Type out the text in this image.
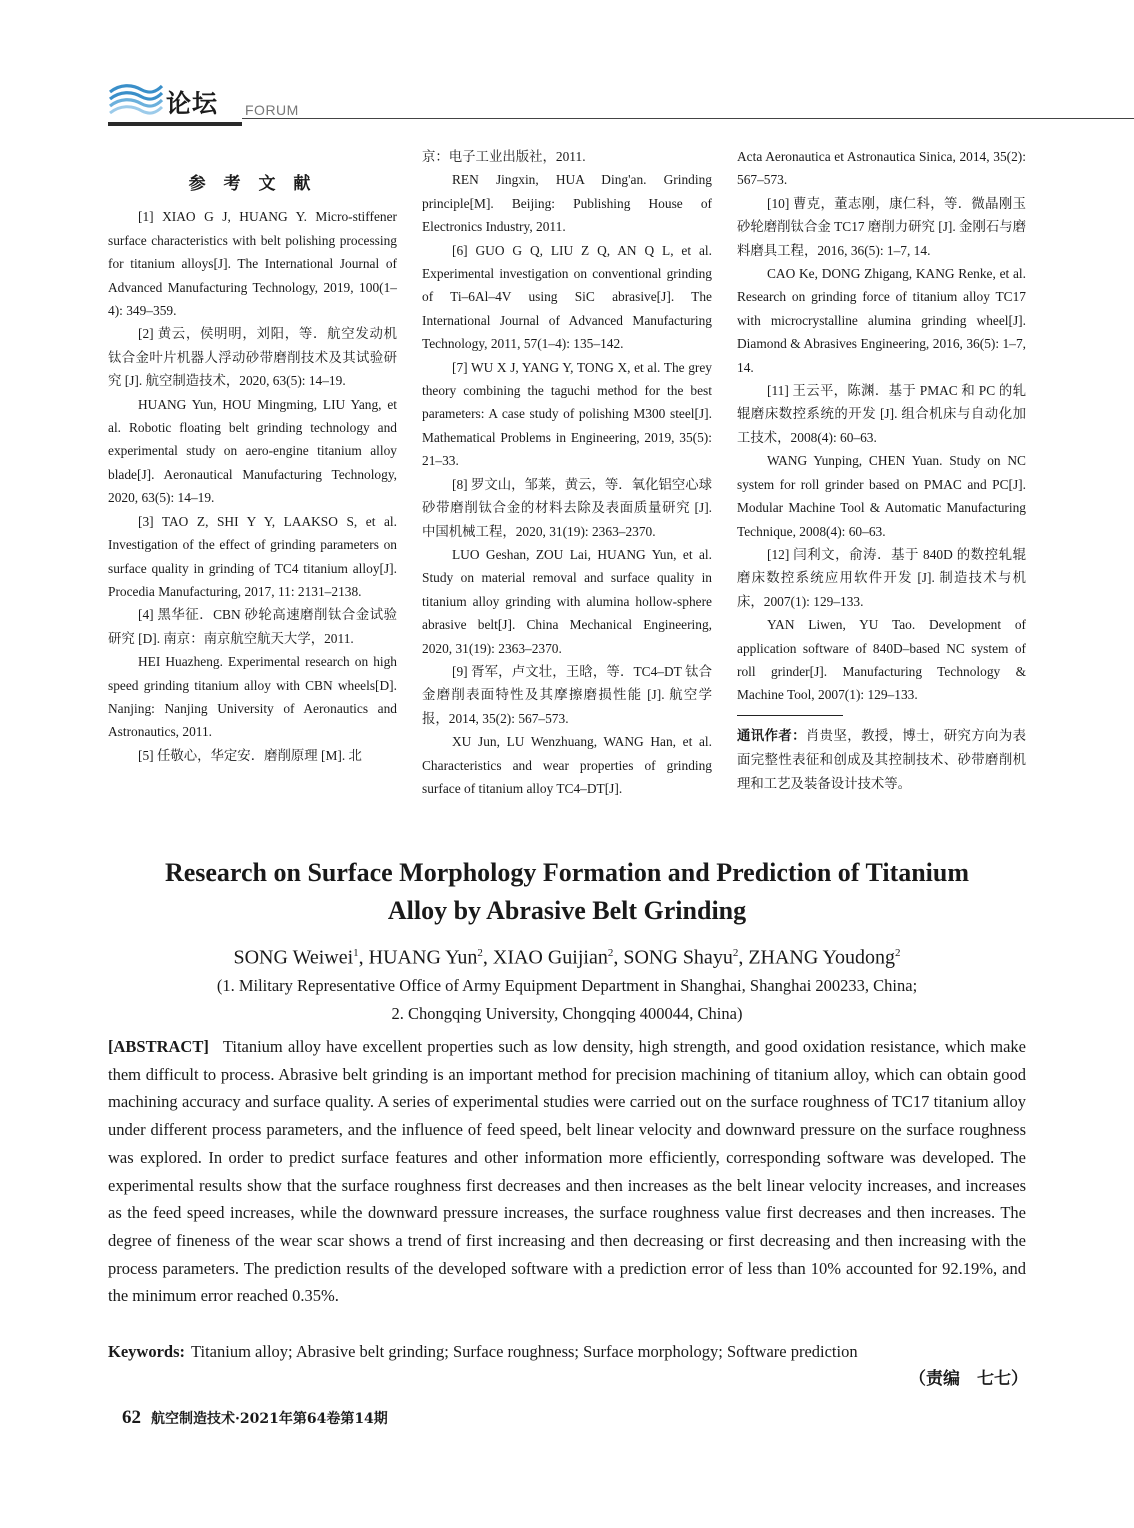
论坛 FORUM

参 考 文 献

[1] XIAO G J, HUANG Y. Micro-stiffener surface characteristics with belt polishing processing for titanium alloys[J]. The International Journal of Advanced Manufacturing Technology, 2019, 100(1–4): 349–359.

[2] 黄云，侯明明，刘阳，等．航空发动机钛合金叶片机器人浮动砂带磨削技术及其试验研究 [J]. 航空制造技术，2020, 63(5): 14–19.

HUANG Yun, HOU Mingming, LIU Yang, et al. Robotic floating belt grinding technology and experimental study on aero-engine titanium alloy blade[J]. Aeronautical Manufacturing Technology, 2020, 63(5): 14–19.

[3] TAO Z, SHI Y Y, LAAKSO S, et al. Investigation of the effect of grinding parameters on surface quality in grinding of TC4 titanium alloy[J]. Procedia Manufacturing, 2017, 11: 2131–2138.

[4] 黑华征．CBN 砂轮高速磨削钛合金试验研究 [D]. 南京：南京航空航天大学，2011.

HEI Huazheng. Experimental research on high speed grinding titanium alloy with CBN wheels[D]. Nanjing: Nanjing University of Aeronautics and Astronautics, 2011.

[5] 任敬心，华定安．磨削原理 [M]. 北

京：电子工业出版社，2011.

REN Jingxin, HUA Ding'an. Grinding principle[M]. Beijing: Publishing House of Electronics Industry, 2011.

[6] GUO G Q, LIU Z Q, AN Q L, et al. Experimental investigation on conventional grinding of Ti–6Al–4V using SiC abrasive[J]. The International Journal of Advanced Manufacturing Technology, 2011, 57(1–4): 135–142.

[7] WU X J, YANG Y, TONG X, et al. The grey theory combining the taguchi method for the best parameters: A case study of polishing M300 steel[J]. Mathematical Problems in Engineering, 2019, 35(5): 21–33.

[8] 罗文山，邹莱，黄云，等．氧化铝空心球砂带磨削钛合金的材料去除及表面质量研究 [J]. 中国机械工程，2020, 31(19): 2363–2370.

LUO Geshan, ZOU Lai, HUANG Yun, et al. Study on material removal and surface quality in titanium alloy grinding with alumina hollow-sphere abrasive belt[J]. China Mechanical Engineering, 2020, 31(19): 2363–2370.

[9] 胥军，卢文壮，王晗，等．TC4–DT 钛合金磨削表面特性及其摩擦磨损性能 [J]. 航空学报，2014, 35(2): 567–573.

XU Jun, LU Wenzhuang, WANG Han, et al. Characteristics and wear properties of grinding surface of titanium alloy TC4–DT[J].

Acta Aeronautica et Astronautica Sinica, 2014, 35(2): 567–573.

[10] 曹克，董志刚，康仁科，等．微晶刚玉砂轮磨削钛合金 TC17 磨削力研究 [J]. 金刚石与磨料磨具工程，2016, 36(5): 1–7, 14.

CAO Ke, DONG Zhigang, KANG Renke, et al. Research on grinding force of titanium alloy TC17 with microcrystalline alumina grinding wheel[J]. Diamond & Abrasives Engineering, 2016, 36(5): 1–7, 14.

[11] 王云平，陈渊．基于 PMAC 和 PC 的轧辊磨床数控系统的开发 [J]. 组合机床与自动化加工技术，2008(4): 60–63.

WANG Yunping, CHEN Yuan. Study on NC system for roll grinder based on PMAC and PC[J]. Modular Machine Tool & Automatic Manufacturing Technique, 2008(4): 60–63.

[12] 闫利文，俞涛．基于 840D 的数控轧辊磨床数控系统应用软件开发 [J]. 制造技术与机床，2007(1): 129–133.

YAN Liwen, YU Tao. Development of application software of 840D–based NC system of roll grinder[J]. Manufacturing Technology & Machine Tool, 2007(1): 129–133.

通讯作者：肖贵坚，教授，博士，研究方向为表面完整性表征和创成及其控制技术、砂带磨削机理和工艺及装备设计技术等。

Research on Surface Morphology Formation and Prediction of Titanium
Alloy by Abrasive Belt Grinding
SONG Weiwei$^1$, HUANG Yun$^2$, XIAO Guijian$^2$, SONG Shayu$^2$, ZHANG Youdong$^2$
(1. Military Representative Office of Army Equipment Department in Shanghai, Shanghai 200233, China;
2. Chongqing University, Chongqing 400044, China)
[ABSTRACT] Titanium alloy have excellent properties such as low density, high strength, and good oxidation resistance, which make them difficult to process. Abrasive belt grinding is an important method for precision machining of titanium alloy, which can obtain good machining accuracy and surface quality. A series of experimental studies were carried out on the surface roughness of TC17 titanium alloy under different process parameters, and the influence of feed speed, belt linear velocity and downward pressure on the surface roughness was explored. In order to predict surface features and other information more efficiently, corresponding software was developed. The experimental results show that the surface roughness first decreases and then increases as the belt linear velocity increases, and increases as the feed speed increases, while the downward pressure increases, the surface roughness value first decreases and then increases. The degree of fineness of the wear scar shows a trend of first increasing and then decreasing or first decreasing and then increasing with the process parameters. The prediction results of the developed software with a prediction error of less than 10% accounted for 92.19%, and the minimum error reached 0.35%.
Keywords: Titanium alloy; Abrasive belt grinding; Surface roughness; Surface morphology; Software prediction
（责编　七七）
62 航空制造技术·2021年第64卷第14期
